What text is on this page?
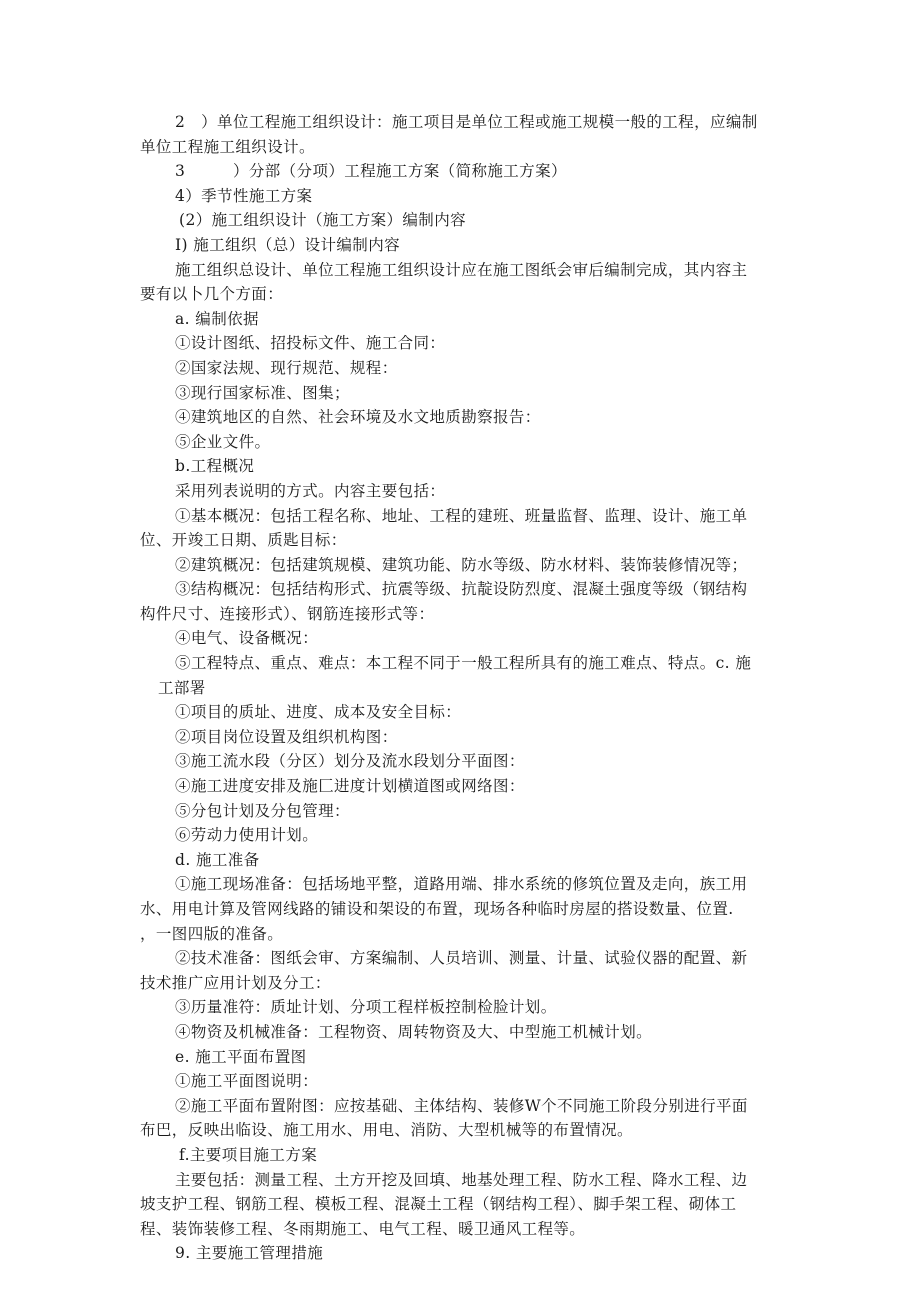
2　）单位工程施工组织设计：施工项目是单位工程或施工规模一般的工程，应编制
单位工程施工组织设计。
3　　　）分部（分项）工程施工方案（简称施工方案）
4）季节性施工方案
(2）施工组织设计（施工方案）编制内容
I) 施工组织（总）设计编制内容
施工组织总设计、单位工程施工组织设计应在施工图纸会审后编制完成，其内容主
要有以卜几个方面：
a. 编制依据
①设计图纸、招投标文件、施工合同：
②国家法规、现行规范、规程：
③现行国家标准、图集；
④建筑地区的自然、社会环境及水文地质勘察报告：
⑤企业文件。
b.工程概况
采用列表说明的方式。内容主要包括：
①基本概况：包括工程名称、地址、工程的建班、班量监督、监理、设计、施工单
位、开竣工日期、质匙目标：
②建筑概况：包括建筑规模、建筑功能、防水等级、防水材料、装饰装修情况等；
③结构概况：包括结构形式、抗震等级、抗靛设防烈度、混凝土强度等级（钢结构
构件尺寸、连接形式）、钢筋连接形式等：
④电气、设备概况：
⑤工程特点、重点、难点：本工程不同于一般工程所具有的施工难点、特点。c. 施
工部署
①项目的质址、进度、成本及安全目标：
②项目岗位设置及组织机构图：
③施工流水段（分区）划分及流水段划分平面图：
④施工进度安排及施匚进度计划横道图或网络图：
⑤分包计划及分包管理：
⑥劳动力使用计划。
d. 施工准备
①施工现场准备：包括场地平整，道路用端、排水系统的修筑位置及走向，族工用
水、用电计算及管网线路的铺设和架设的布置，现场各种临时房屋的搭设数量、位置.
，一图四版的准备。
②技术准备：图纸会审、方案编制、人员培训、测量、计量、试验仪器的配置、新
技术推广应用计划及分工：
③历量准符：质址计划、分项工程样板控制检脸计划。
④物资及机械准备：工程物资、周转物资及大、中型施工机械计划。
e. 施工平面布置图
①施工平面图说明：
②施工平面布置附图：应按基础、主体结构、装修W个不同施工阶段分别进行平面
布巴，反映出临设、施工用水、用电、消防、大型机械等的布置情况。
f.主要项目施工方案
主要包括：测量工程、土方开挖及回填、地基处理工程、防水工程、降水工程、边
坡支护工程、钢筋工程、模板工程、混凝土工程（钢结构工程）、脚手架工程、砌体工
程、装饰装修工程、冬雨期施工、电气工程、暖卫通风工程等。
9. 主要施工管理措施
